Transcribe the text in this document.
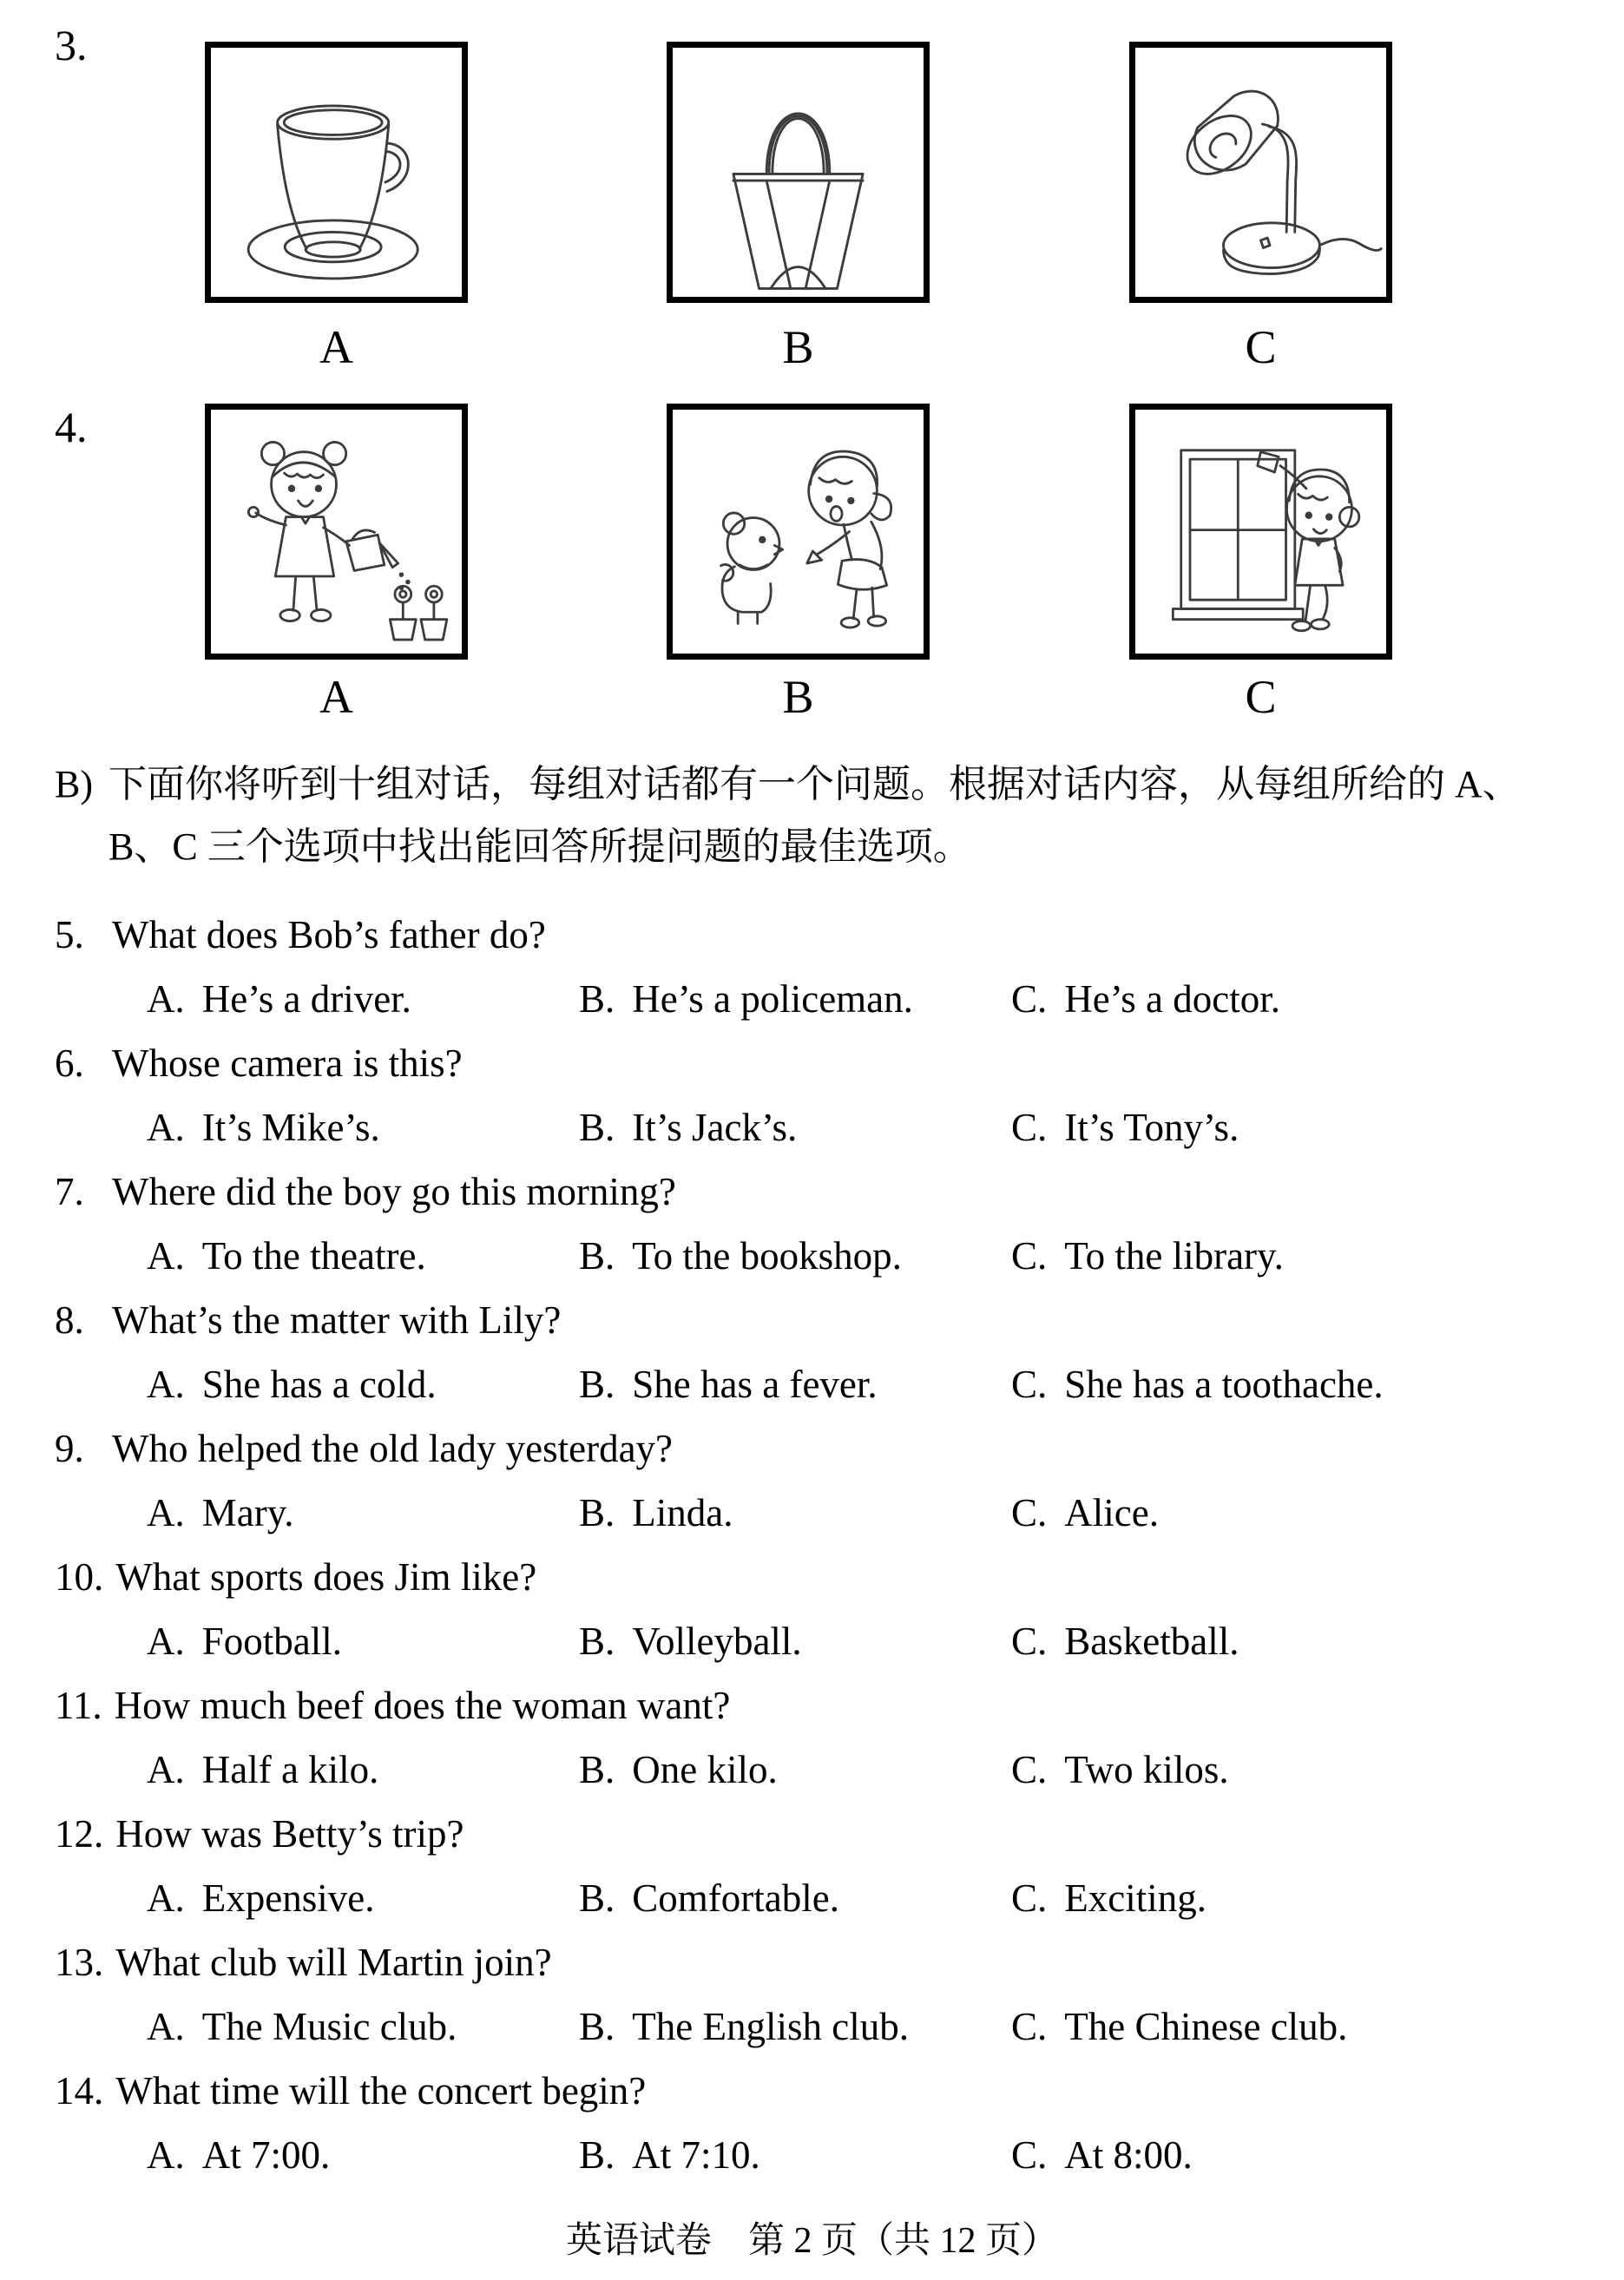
3.
A	B	C
4.
A	B	C
B) 下面你将听到十组对话，每组对话都有一个问题。根据对话内容，从每组所给的 A、
B、C 三个选项中找出能回答所提问题的最佳选项。
5. What does Bob’s father do?
A. He’s a driver.	B. He’s a policeman.	C. He’s a doctor.
6. Whose camera is this?
A. It’s Mike’s.	B. It’s Jack’s.	C. It’s Tony’s.
7. Where did the boy go this morning?
A. To the theatre.	B. To the bookshop.	C. To the library.
8. What’s the matter with Lily?
A. She has a cold.	B. She has a fever.	C. She has a toothache.
9. Who helped the old lady yesterday?
A. Mary.	B. Linda.	C. Alice.
10. What sports does Jim like?
A. Football.	B. Volleyball.	C. Basketball.
11. How much beef does the woman want?
A. Half a kilo.	B. One kilo.	C. Two kilos.
12. How was Betty’s trip?
A. Expensive.	B. Comfortable.	C. Exciting.
13. What club will Martin join?
A. The Music club.	B. The English club.	C. The Chinese club.
14. What time will the concert begin?
A. At 7:00.	B. At 7:10.	C. At 8:00.
英语试卷　第 2 页（共 12 页）
